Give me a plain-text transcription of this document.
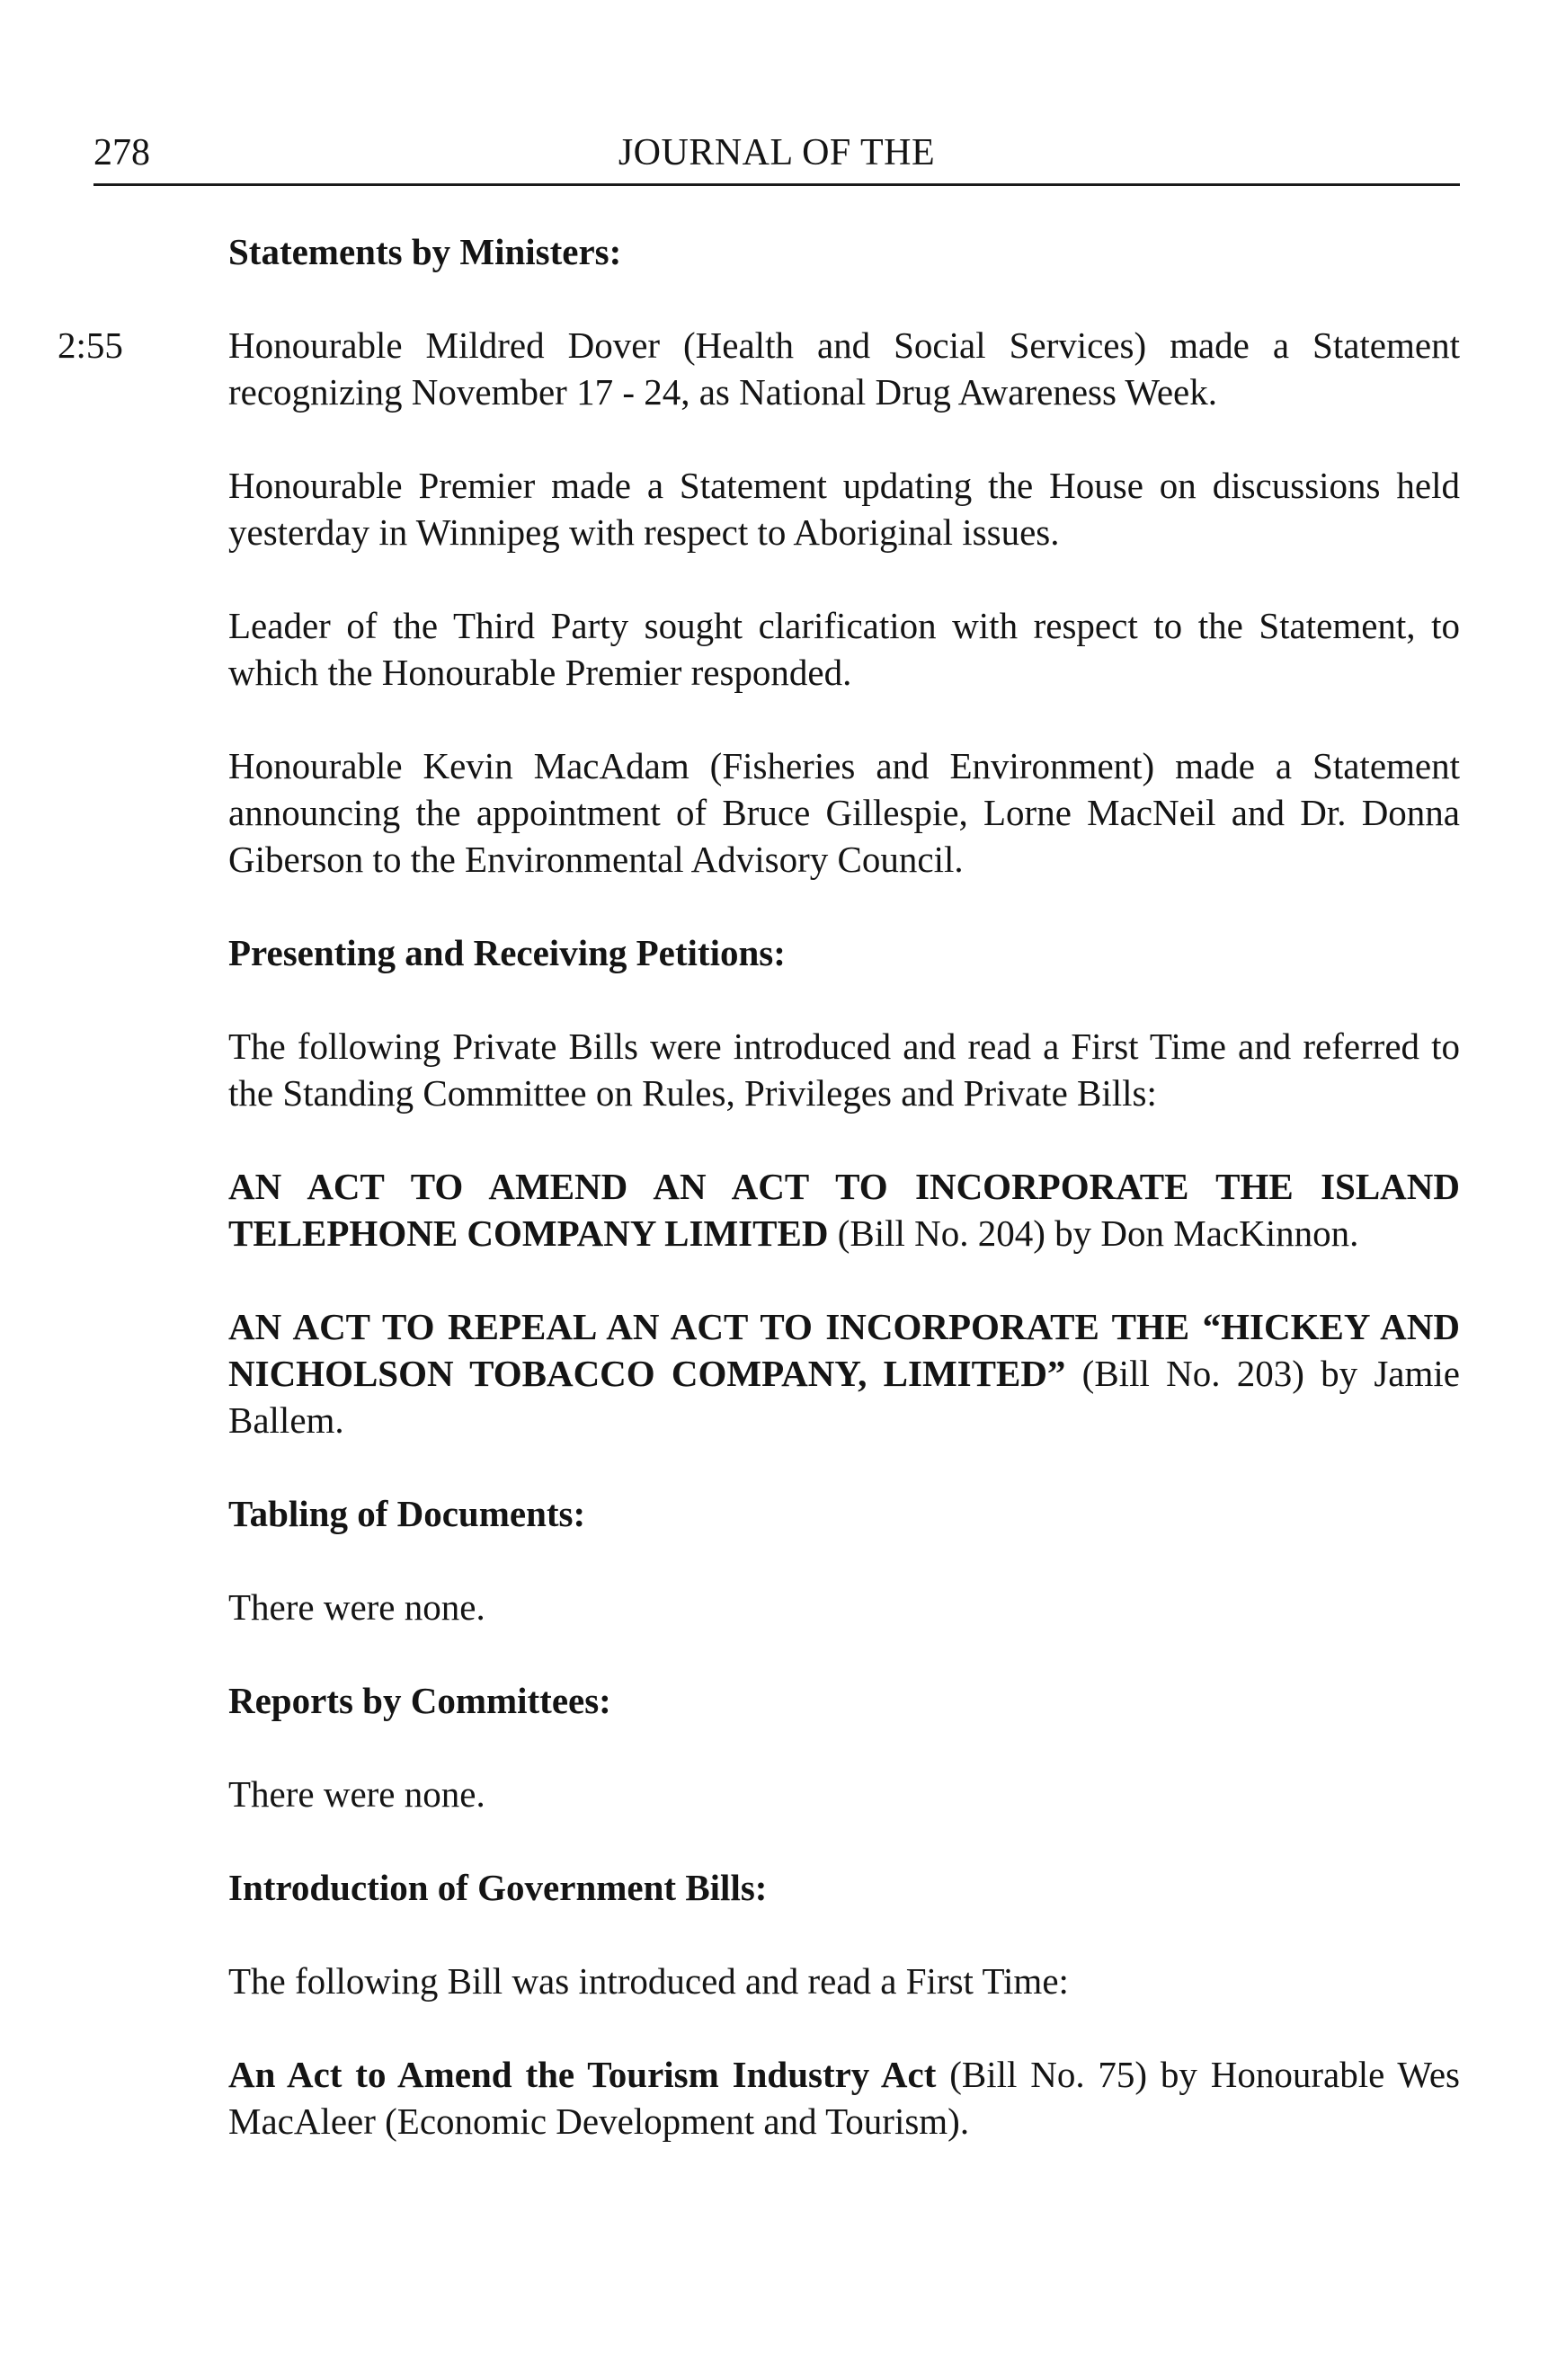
278	JOURNAL OF THE
Statements by Ministers:
2:55	Honourable Mildred Dover (Health and Social Services) made a Statement recognizing November 17 - 24, as National Drug Awareness Week.
Honourable Premier made a Statement updating the House on discussions held yesterday in Winnipeg with respect to Aboriginal issues.
Leader of the Third Party sought clarification with respect to the Statement, to which the Honourable Premier responded.
Honourable Kevin MacAdam (Fisheries and Environment) made a Statement announcing the appointment of Bruce Gillespie, Lorne MacNeil and Dr. Donna Giberson to the Environmental Advisory Council.
Presenting and Receiving Petitions:
The following Private Bills were introduced and read a First Time and referred to the Standing Committee on Rules, Privileges and Private Bills:
AN ACT TO AMEND AN ACT TO INCORPORATE THE ISLAND TELEPHONE COMPANY LIMITED (Bill No. 204) by Don MacKinnon.
AN ACT TO REPEAL AN ACT TO INCORPORATE THE “HICKEY AND NICHOLSON TOBACCO COMPANY, LIMITED” (Bill No. 203) by Jamie Ballem.
Tabling of Documents:
There were none.
Reports by Committees:
There were none.
Introduction of Government Bills:
The following Bill was introduced and read a First Time:
An Act to Amend the Tourism Industry Act (Bill No. 75) by Honourable Wes MacAleer (Economic Development and Tourism).
